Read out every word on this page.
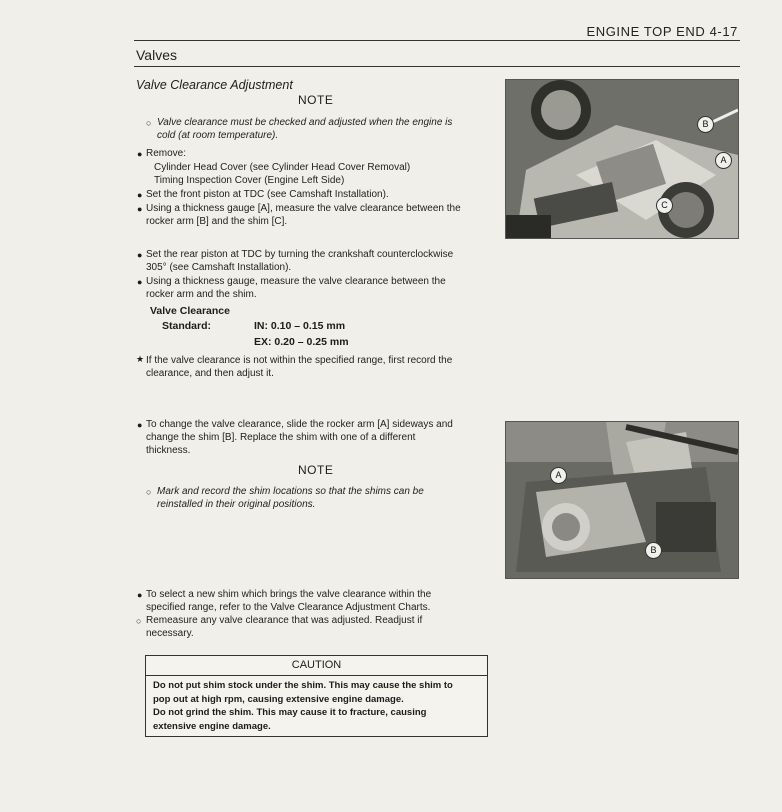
ENGINE TOP END 4-17
Valves
Valve Clearance Adjustment
NOTE
○ Valve clearance must be checked and adjusted when the engine is
cold (at room temperature).
● Remove:
Cylinder Head Cover (see Cylinder Head Cover Removal)
Timing Inspection Cover (Engine Left Side)
● Set the front piston at TDC (see Camshaft Installation).
● Using a thickness gauge [A], measure the valve clearance between the
rocker arm [B] and the shim [C].
● Set the rear piston at TDC by turning the crankshaft counterclockwise
305° (see Camshaft Installation).
● Using a thickness gauge, measure the valve clearance between the
rocker arm and the shim.
Valve Clearance
Standard:	IN: 0.10 – 0.15 mm
EX: 0.20 – 0.25 mm
★ If the valve clearance is not within the specified range, first record the
clearance, and then adjust it.
● To change the valve clearance, slide the rocker arm [A] sideways and
change the shim [B]. Replace the shim with one of a different
thickness.
NOTE
○ Mark and record the shim locations so that the shims can be
reinstalled in their original positions.
● To select a new shim which brings the valve clearance within the
specified range, refer to the Valve Clearance Adjustment Charts.
○ Remeasure any valve clearance that was adjusted. Readjust if
necessary.
CAUTION
Do not put shim stock under the shim. This may cause the shim to
pop out at high rpm, causing extensive engine damage.
Do not grind the shim. This may cause it to fracture, causing
extensive engine damage.
B
A
C
A
B
